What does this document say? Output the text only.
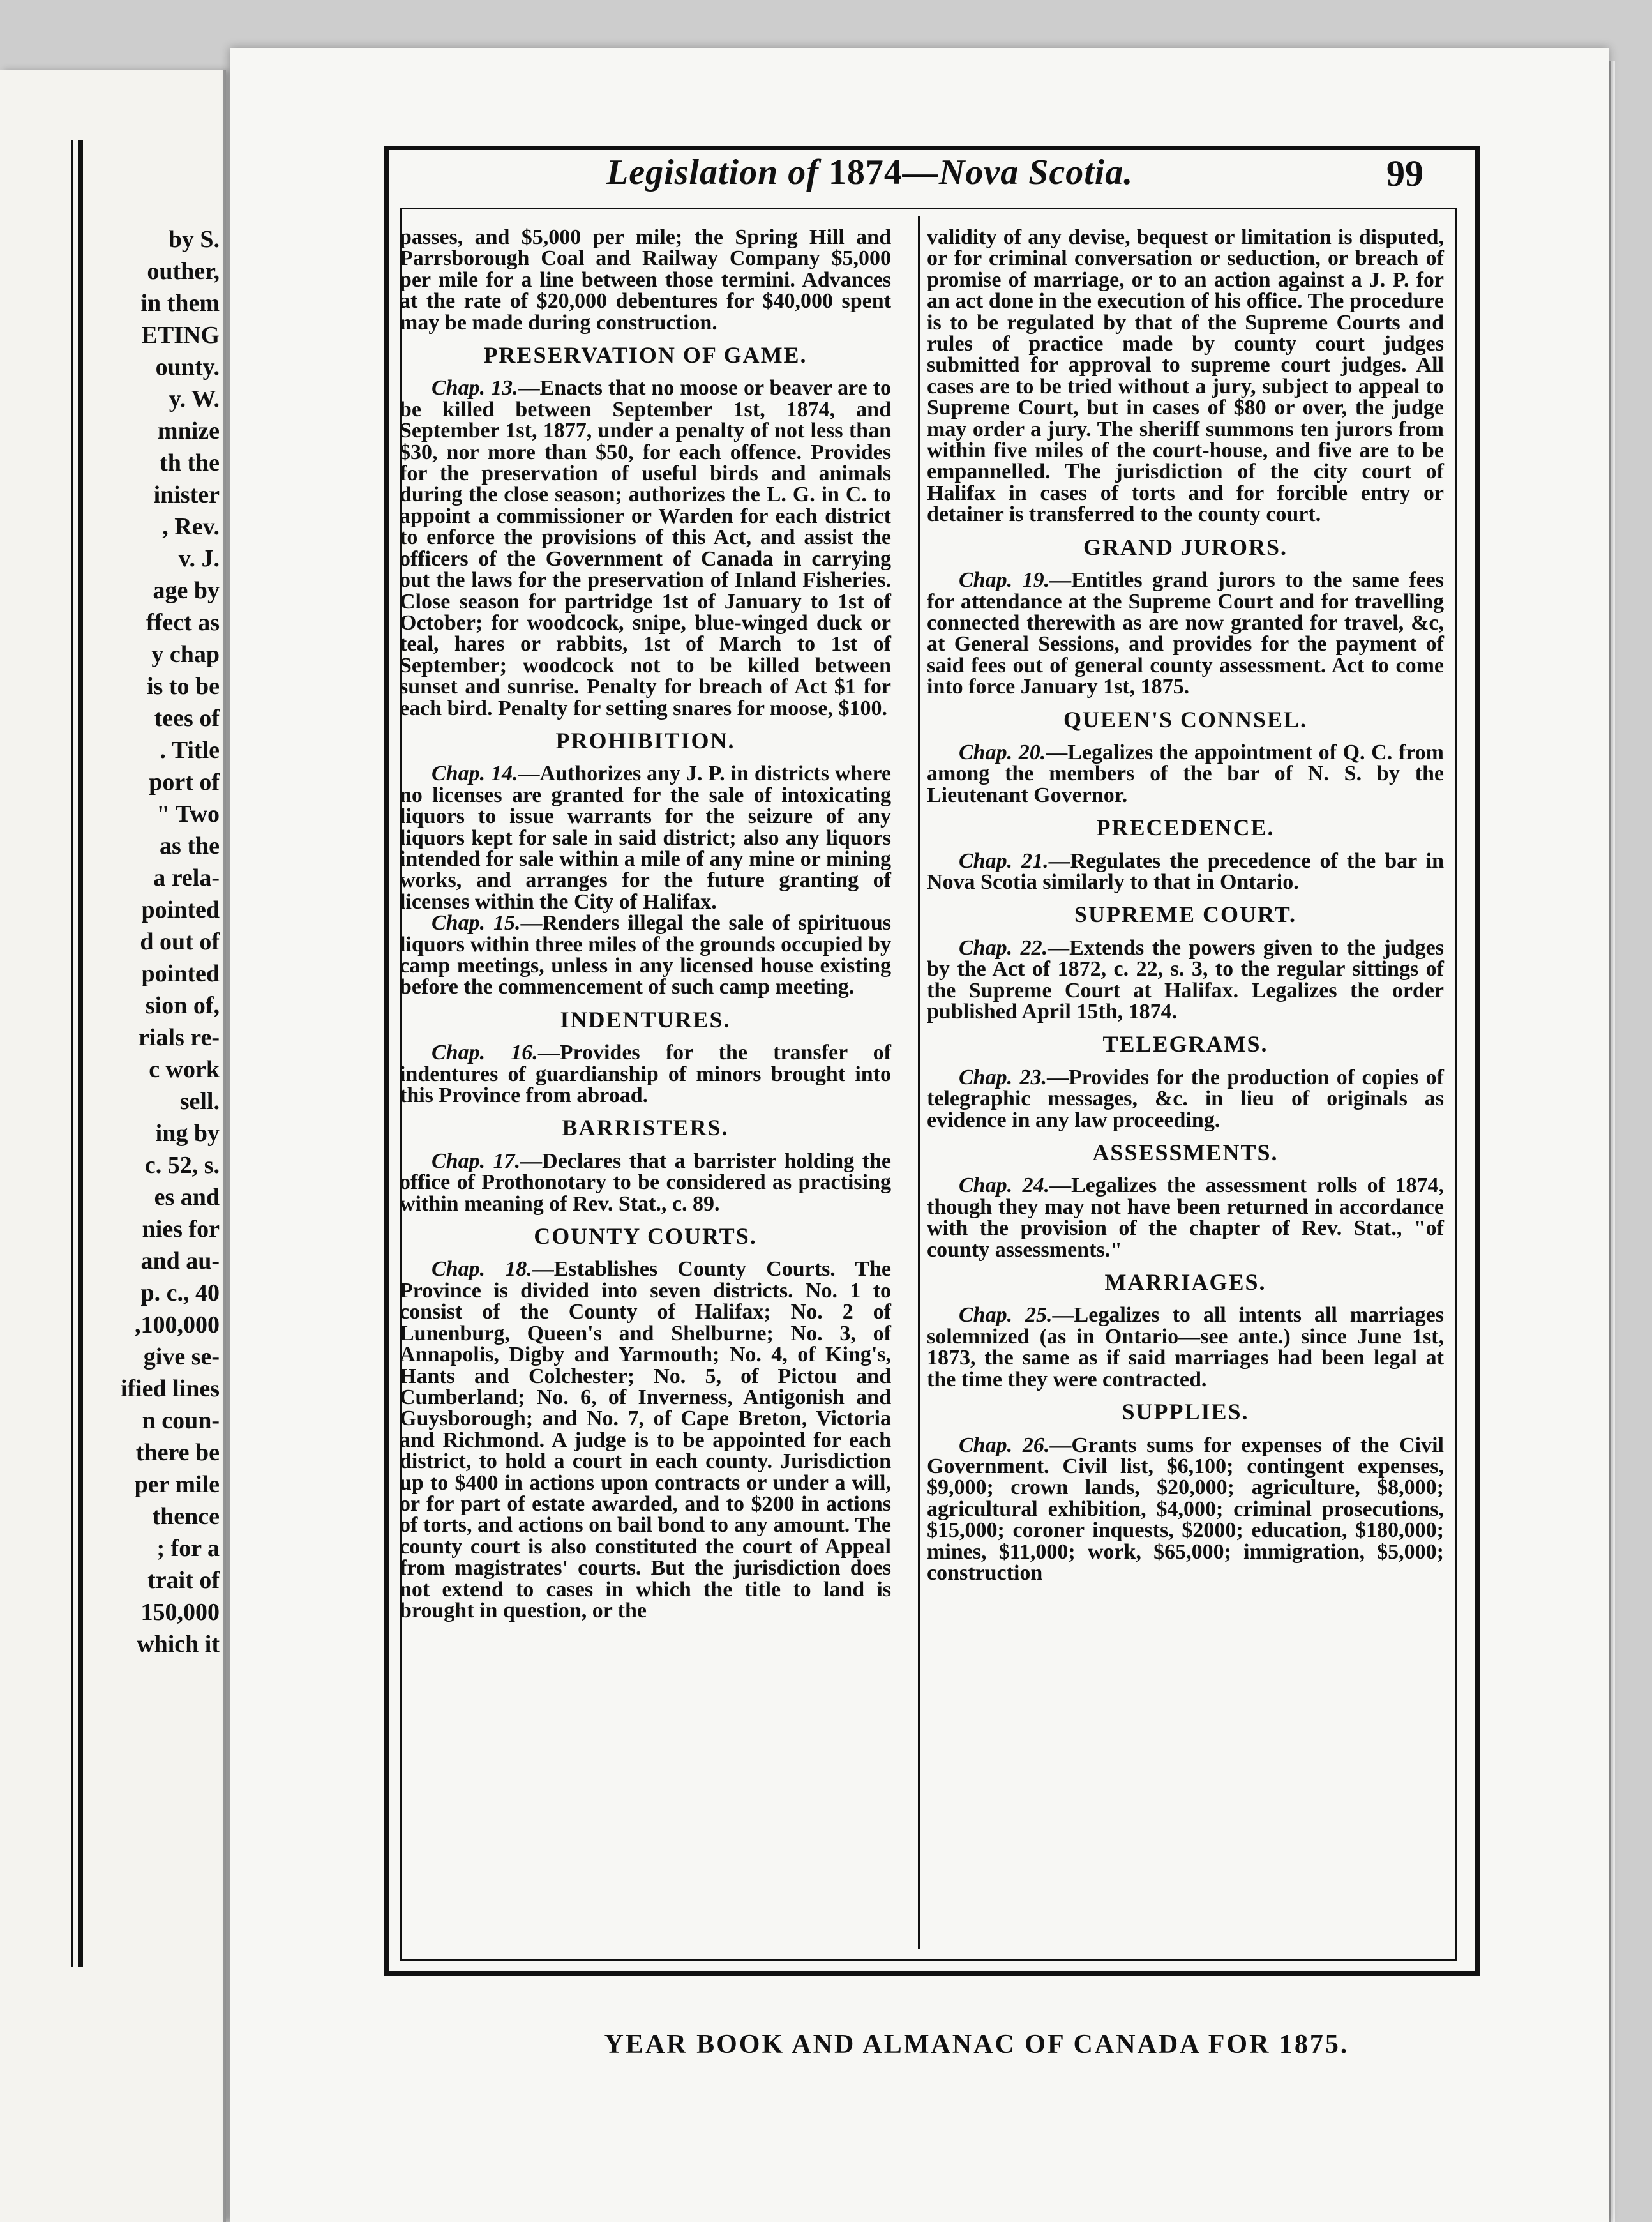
by S.
outher,
in them
ETING
ounty.
y. W.
mnize
th the
inister
, Rev.
v. J.
age by
ffect as
y chap
is to be
tees of
. Title
port of
" Two
as the
a rela-
pointed
d out of
pointed
sion of,
rials re-
c work
sell.
ing by
c. 52, s.
es and
nies for
and au-
p. c., 40
,100,000
give se-
ified lines
n coun-
there be
per mile
thence
; for a
trait of
150,000
which it
Legislation of 1874—Nova Scotia.	99
passes, and $5,000 per mile; the Spring Hill and Parrsborough Coal and Railway Company $5,000 per mile for a line between those termini. Advances at the rate of $20,000 debentures for $40,000 spent may be made during construction.
PRESERVATION OF GAME.
Chap. 13.—Enacts that no moose or beaver are to be killed between September 1st, 1874, and September 1st, 1877, under a penalty of not less than $30, nor more than $50, for each offence. Provides for the preservation of useful birds and animals during the close season; authorizes the L. G. in C. to appoint a commissioner or Warden for each district to enforce the provisions of this Act, and assist the officers of the Government of Canada in carrying out the laws for the preservation of Inland Fisheries. Close season for partridge 1st of January to 1st of October; for woodcock, snipe, blue-winged duck or teal, hares or rabbits, 1st of March to 1st of September; woodcock not to be killed between sunset and sunrise. Penalty for breach of Act $1 for each bird. Penalty for setting snares for moose, $100.
PROHIBITION.
Chap. 14.—Authorizes any J. P. in districts where no licenses are granted for the sale of intoxicating liquors to issue warrants for the seizure of any liquors kept for sale in said district; also any liquors intended for sale within a mile of any mine or mining works, and arranges for the future granting of licenses within the City of Halifax.
Chap. 15.—Renders illegal the sale of spirituous liquors within three miles of the grounds occupied by camp meetings, unless in any licensed house existing before the commencement of such camp meeting.
INDENTURES.
Chap. 16.—Provides for the transfer of indentures of guardianship of minors brought into this Province from abroad.
BARRISTERS.
Chap. 17.—Declares that a barrister holding the office of Prothonotary to be considered as practising within meaning of Rev. Stat., c. 89.
COUNTY COURTS.
Chap. 18.—Establishes County Courts. The Province is divided into seven districts. No. 1 to consist of the County of Halifax; No. 2 of Lunenburg, Queen's and Shelburne; No. 3, of Annapolis, Digby and Yarmouth; No. 4, of King's, Hants and Colchester; No. 5, of Pictou and Cumberland; No. 6, of Inverness, Antigonish and Guysborough; and No. 7, of Cape Breton, Victoria and Richmond. A judge is to be appointed for each district, to hold a court in each county. Jurisdiction up to $400 in actions upon contracts or under a will, or for part of estate awarded, and to $200 in actions of torts, and actions on bail bond to any amount. The county court is also constituted the court of Appeal from magistrates' courts. But the jurisdiction does not extend to cases in which the title to land is brought in question, or the
validity of any devise, bequest or limitation is disputed, or for criminal conversation or seduction, or breach of promise of marriage, or to an action against a J. P. for an act done in the execution of his office. The procedure is to be regulated by that of the Supreme Courts and rules of practice made by county court judges submitted for approval to supreme court judges. All cases are to be tried without a jury, subject to appeal to Supreme Court, but in cases of $80 or over, the judge may order a jury. The sheriff summons ten jurors from within five miles of the court-house, and five are to be empannelled. The jurisdiction of the city court of Halifax in cases of torts and for forcible entry or detainer is transferred to the county court.
GRAND JURORS.
Chap. 19.—Entitles grand jurors to the same fees for attendance at the Supreme Court and for travelling connected therewith as are now granted for travel, &c, at General Sessions, and provides for the payment of said fees out of general county assessment. Act to come into force January 1st, 1875.
QUEEN'S CONNSEL.
Chap. 20.—Legalizes the appointment of Q. C. from among the members of the bar of N. S. by the Lieutenant Governor.
PRECEDENCE.
Chap. 21.—Regulates the precedence of the bar in Nova Scotia similarly to that in Ontario.
SUPREME COURT.
Chap. 22.—Extends the powers given to the judges by the Act of 1872, c. 22, s. 3, to the regular sittings of the Supreme Court at Halifax. Legalizes the order published April 15th, 1874.
TELEGRAMS.
Chap. 23.—Provides for the production of copies of telegraphic messages, &c. in lieu of originals as evidence in any law proceeding.
ASSESSMENTS.
Chap. 24.—Legalizes the assessment rolls of 1874, though they may not have been returned in accordance with the provision of the chapter of Rev. Stat., "of county assessments."
MARRIAGES.
Chap. 25.—Legalizes to all intents all marriages solemnized (as in Ontario—see ante.) since June 1st, 1873, the same as if said marriages had been legal at the time they were contracted.
SUPPLIES.
Chap. 26.—Grants sums for expenses of the Civil Government. Civil list, $6,100; contingent expenses, $9,000; crown lands, $20,000; agriculture, $8,000; agricultural exhibition, $4,000; criminal prosecutions, $15,000; coroner inquests, $2000; education, $180,000; mines, $11,000; work, $65,000; immigration, $5,000; construction
YEAR BOOK AND ALMANAC OF CANADA FOR 1875.
